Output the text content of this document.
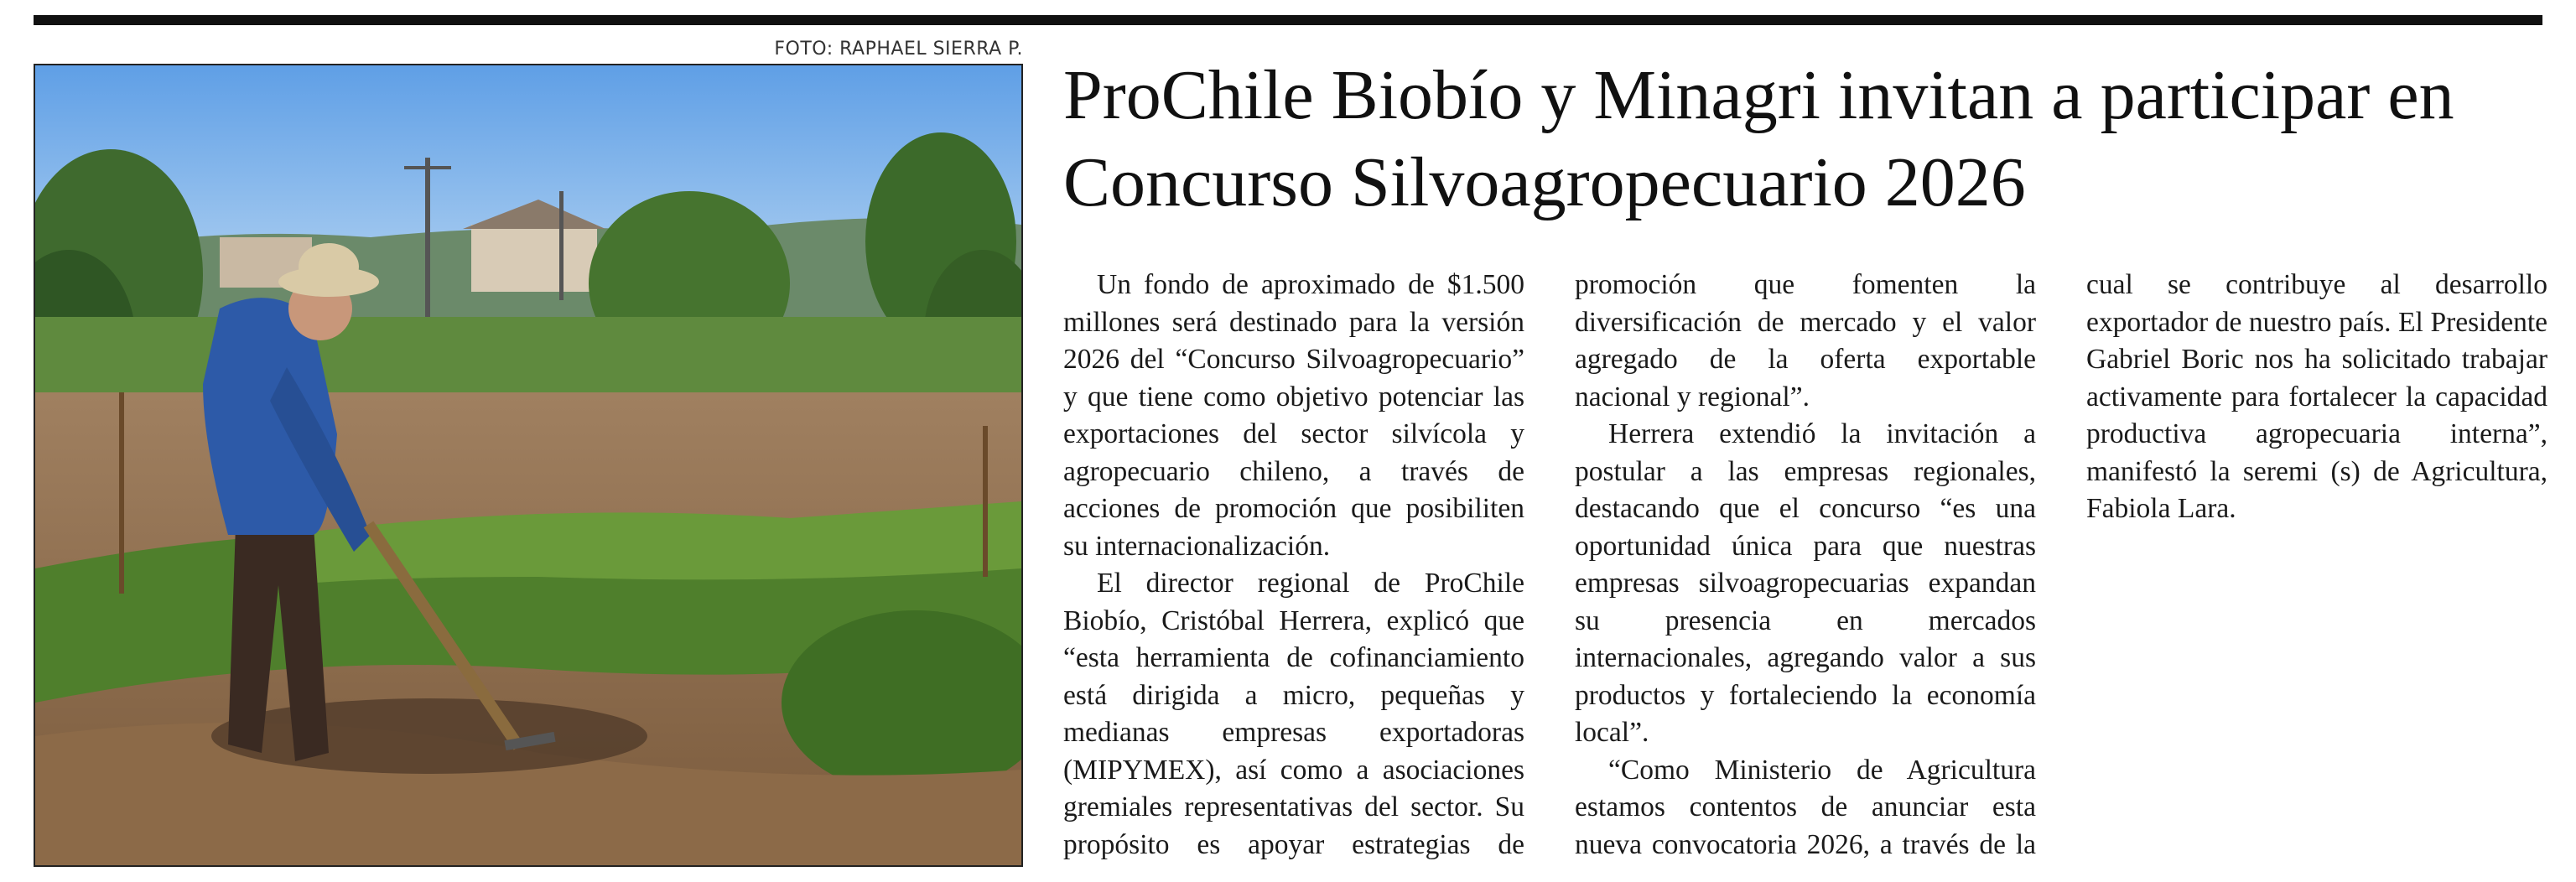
FOTO: RAPHAEL SIERRA P.
ProChile Biobío y Minagri invitan a participar en Concurso Silvoagropecuario 2026

Un fondo de aproximado de $1.500 millones será destinado para la versión 2026 del “Concurso Silvoagropecuario” y que tiene como objetivo potenciar las exportaciones del sector silvícola y agropecuario chileno, a través de acciones de promoción que posibiliten su internacionalización.

El director regional de ProChile Biobío, Cristóbal Herrera, explicó que “esta herramienta de cofinanciamiento está dirigida a micro, pequeñas y medianas empresas exportadoras (MIPYMEX), así como a asociaciones gremiales representativas del sector. Su propósito es apoyar estrategias de promoción que fomenten la diversificación de mercado y el valor agregado de la oferta exportable nacional y regional”.

Herrera extendió la invitación a postular a las empresas regionales, destacando que el concurso “es una oportunidad única para que nuestras empresas silvoagropecuarias expandan su presencia en mercados internacionales, agregando valor a sus productos y fortaleciendo la economía local”.

“Como Ministerio de Agricultura estamos contentos de anunciar esta nueva convocatoria 2026, a través de la cual se contribuye al desarrollo exportador de nuestro país. El Presidente Gabriel Boric nos ha solicitado trabajar activamente para fortalecer la capacidad productiva agropecuaria interna”, manifestó la seremi (s) de Agricultura, Fabiola Lara.
